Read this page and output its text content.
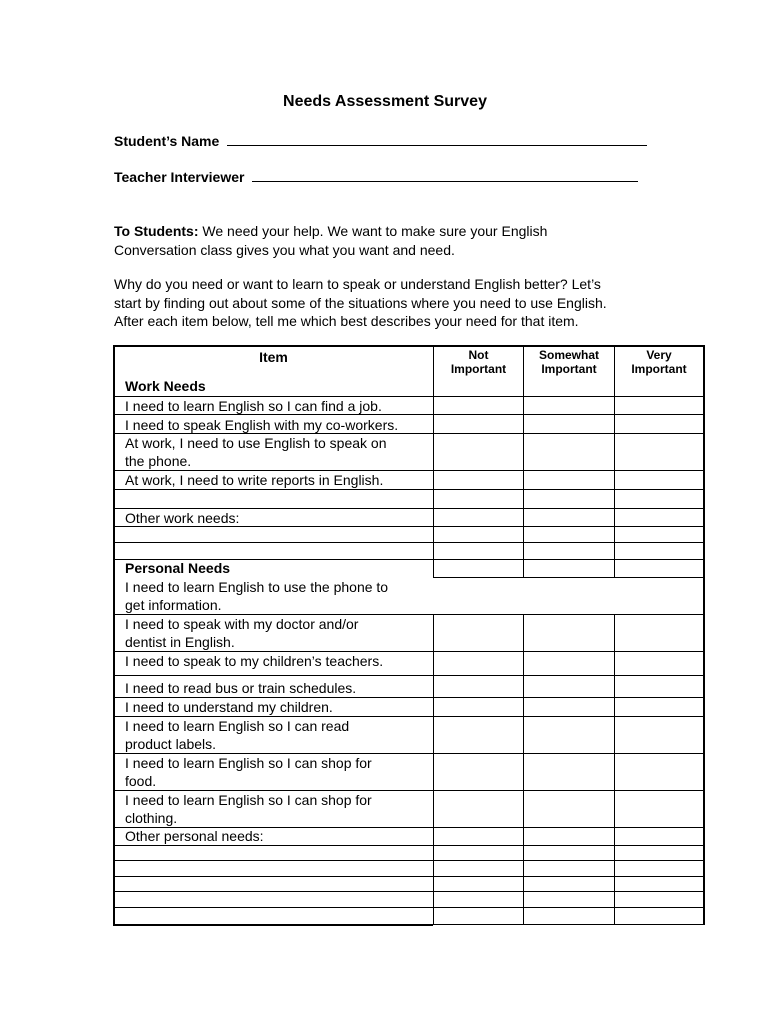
Needs Assessment Survey
Student’s Name
Teacher Interviewer
To Students: We need your help. We want to make sure your English
Conversation class gives you what you want and need.
Why do you need or want to learn to speak or understand English better? Let’s
start by finding out about some of the situations where you need to use English.
After each item below, tell me which best describes your need for that item.
Item	Not
Important
Somewhat
Important
Very
Important
Work Needs
I need to learn English so I can find a job.
I need to speak English with my co-workers.
At work, I need to use English to speak on
the phone.
At work, I need to write reports in English.
Other work needs:
Personal Needs
I need to learn English to use the phone to
get information.
I need to speak with my doctor and/or
dentist in English.
I need to speak to my children’s teachers.
I need to read bus or train schedules.
I need to understand my children.
I need to learn English so I can read
product labels.
I need to learn English so I can shop for
food.
I need to learn English so I can shop for
clothing.
Other personal needs:
